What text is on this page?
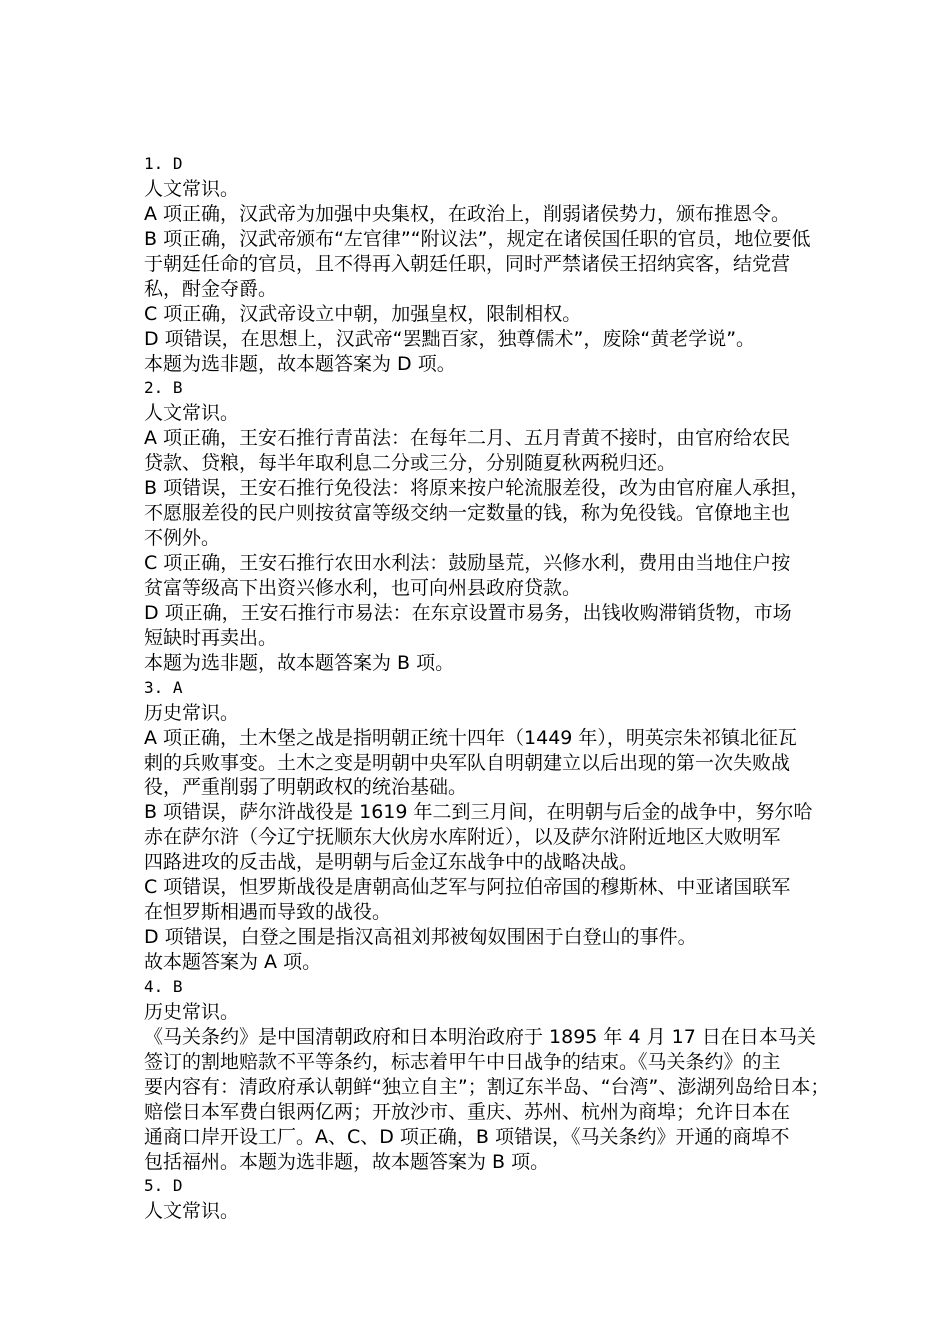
1. D
人文常识。
A 项正确，汉武帝为加强中央集权，在政治上，削弱诸侯势力，颁布推恩令。
B 项正确，汉武帝颁布“左官律”“附议法”，规定在诸侯国任职的官员，地位要低
于朝廷任命的官员，且不得再入朝廷任职，同时严禁诸侯王招纳宾客，结党营
私，酎金夺爵。
C 项正确，汉武帝设立中朝，加强皇权，限制相权。
D 项错误，在思想上，汉武帝“罢黜百家，独尊儒术”，废除“黄老学说”。
本题为选非题，故本题答案为 D 项。
2. B
人文常识。
A 项正确，王安石推行青苗法：在每年二月、五月青黄不接时，由官府给农民
贷款、贷粮，每半年取利息二分或三分，分别随夏秋两税归还。
B 项错误，王安石推行免役法：将原来按户轮流服差役，改为由官府雇人承担，
不愿服差役的民户则按贫富等级交纳一定数量的钱，称为免役钱。官僚地主也
不例外。
C 项正确，王安石推行农田水利法：鼓励垦荒，兴修水利，费用由当地住户按
贫富等级高下出资兴修水利，也可向州县政府贷款。
D 项正确，王安石推行市易法：在东京设置市易务，出钱收购滞销货物，市场
短缺时再卖出。
本题为选非题，故本题答案为 B 项。
3. A
历史常识。
A 项正确，土木堡之战是指明朝正统十四年（1449 年），明英宗朱祁镇北征瓦
剌的兵败事变。土木之变是明朝中央军队自明朝建立以后出现的第一次失败战
役，严重削弱了明朝政权的统治基础。
B 项错误，萨尔浒战役是 1619 年二到三月间，在明朝与后金的战争中，努尔哈
赤在萨尔浒（今辽宁抚顺东大伙房水库附近），以及萨尔浒附近地区大败明军
四路进攻的反击战，是明朝与后金辽东战争中的战略决战。
C 项错误，怛罗斯战役是唐朝高仙芝军与阿拉伯帝国的穆斯林、中亚诸国联军
在怛罗斯相遇而导致的战役。
D 项错误，白登之围是指汉高祖刘邦被匈奴围困于白登山的事件。
故本题答案为 A 项。
4. B
历史常识。
《马关条约》是中国清朝政府和日本明治政府于 1895 年 4 月 17 日在日本马关
签订的割地赔款不平等条约，标志着甲午中日战争的结束。《马关条约》的主
要内容有：清政府承认朝鲜“独立自主”；割辽东半岛、“台湾”、澎湖列岛给日本；
赔偿日本军费白银两亿两；开放沙市、重庆、苏州、杭州为商埠；允许日本在
通商口岸开设工厂。A、C、D 项正确，B 项错误，《马关条约》开通的商埠不
包括福州。本题为选非题，故本题答案为 B 项。
5. D
人文常识。
